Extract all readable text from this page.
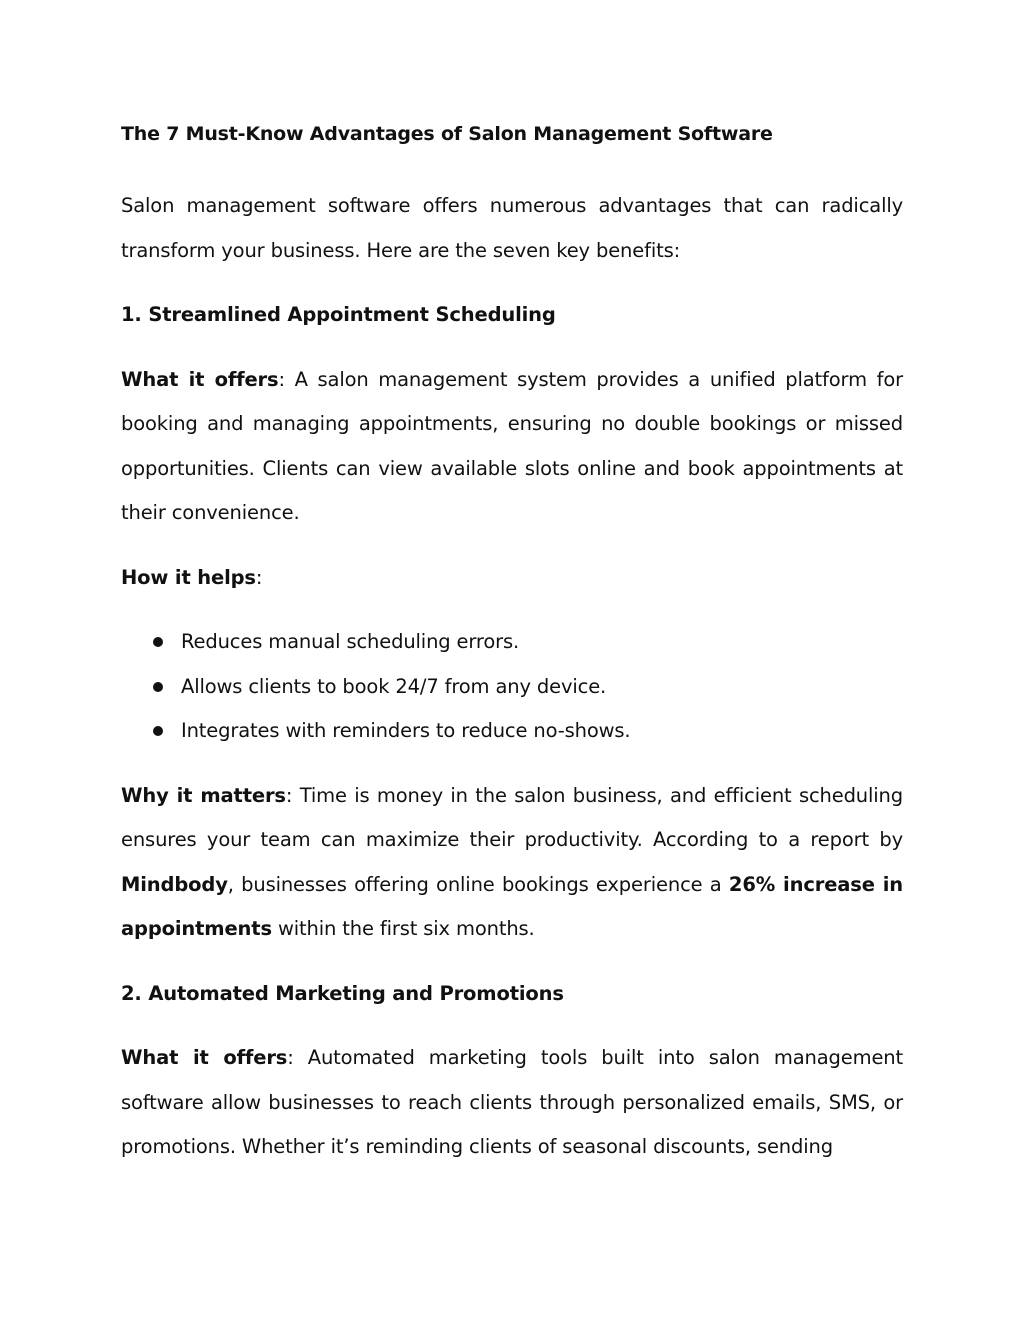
The 7 Must-Know Advantages of Salon Management Software

Salon management software offers numerous advantages that can radically transform your business. Here are the seven key benefits:

1. Streamlined Appointment Scheduling

What it offers: A salon management system provides a unified platform for booking and managing appointments, ensuring no double bookings or missed opportunities. Clients can view available slots online and book appointments at their convenience.

How it helps:

Reduces manual scheduling errors.
Allows clients to book 24/7 from any device.
Integrates with reminders to reduce no-shows.

Why it matters: Time is money in the salon business, and efficient scheduling ensures your team can maximize their productivity. According to a report by Mindbody, businesses offering online bookings experience a 26% increase in appointments within the first six months.

2. Automated Marketing and Promotions

What it offers: Automated marketing tools built into salon management software allow businesses to reach clients through personalized emails, SMS, or promotions. Whether it’s reminding clients of seasonal discounts, sending
